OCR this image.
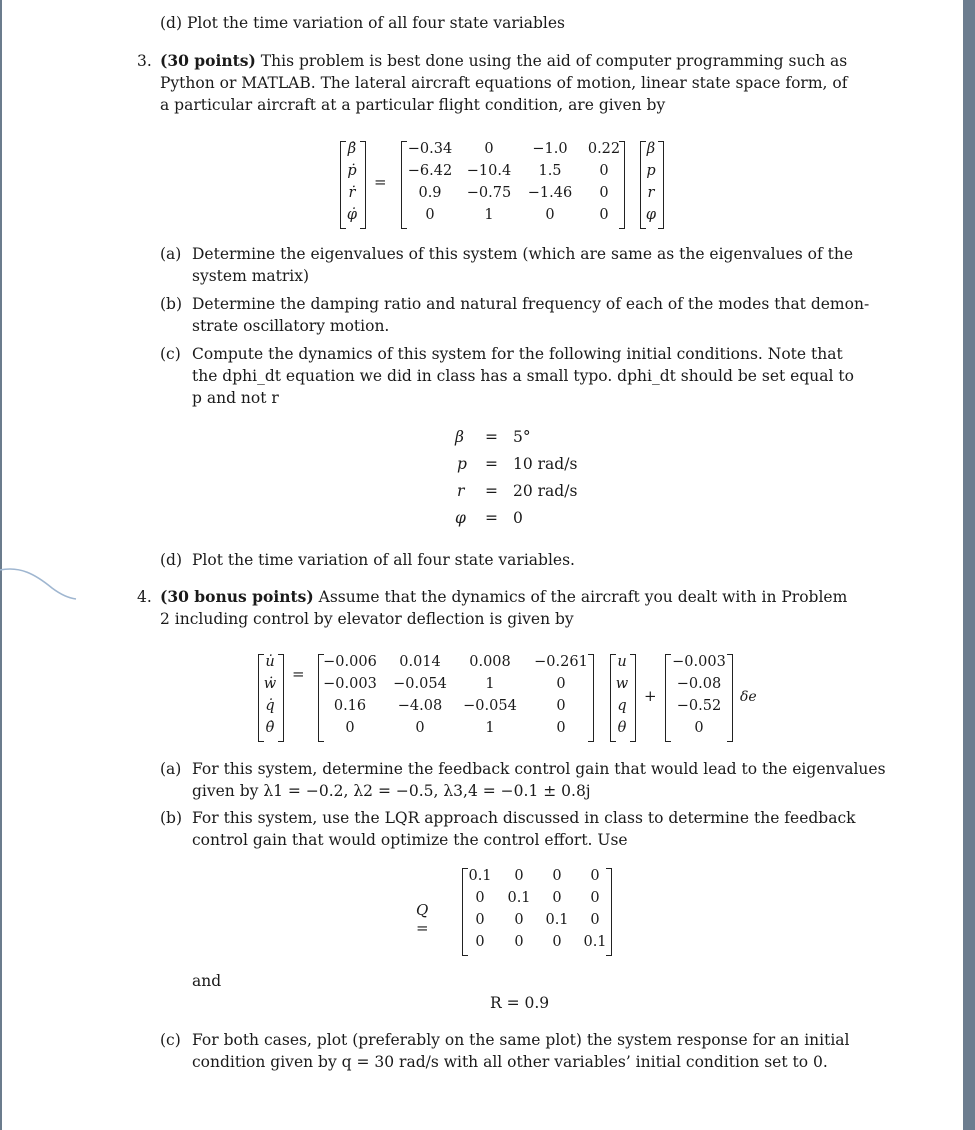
(d) Plot the time variation of all four state variables
3. (30 points) This problem is best done using the aid of computer programming such as
Python or MATLAB. The lateral aircraft equations of motion, linear state space form, of
a particular aircraft at a particular flight condition, are given by
β̇
ṗ
ṙ
φ̇
=
−0.34	0	−1.0	0.22
−6.42	−10.4	1.5	0
0.9	−0.75	−1.46	0
0	1	0	0
β
p
r
φ
(a) Determine the eigenvalues of this system (which are same as the eigenvalues of the
system matrix)
(b) Determine the damping ratio and natural frequency of each of the modes that demon-
strate oscillatory motion.
(c) Compute the dynamics of this system for the following initial conditions. Note that
the dphi_dt equation we did in class has a small typo. dphi_dt should be set equal to
p and not r
β = 5°
p = 10 rad/s
r = 20 rad/s
φ = 0
(d) Plot the time variation of all four state variables.
4. (30 bonus points) Assume that the dynamics of the aircraft you dealt with in Problem
2 including control by elevator deflection is given by
u̇
ẇ
q̇
θ̇
=
−0.006	0.014	0.008	−0.261
−0.003 −0.054	1	0
0.16	−4.08	−0.054	0
0	0	1	0
u
w
q
θ
+
−0.003
−0.08
−0.52
0
δe
(a) For this system, determine the feedback control gain that would lead to the eigenvalues
given by λ1 = −0.2, λ2 = −0.5, λ3,4 = −0.1 ± 0.8j
(b) For this system, use the LQR approach discussed in class to determine the feedback
control gain that would optimize the control effort. Use
Q =
0.1	0	0	0
0	0.1	0	0
0	0	0.1	0
0	0	0	0.1
and
R = 0.9
(c) For both cases, plot (preferably on the same plot) the system response for an initial
condition given by q = 30 rad/s with all other variables’ initial condition set to 0.
